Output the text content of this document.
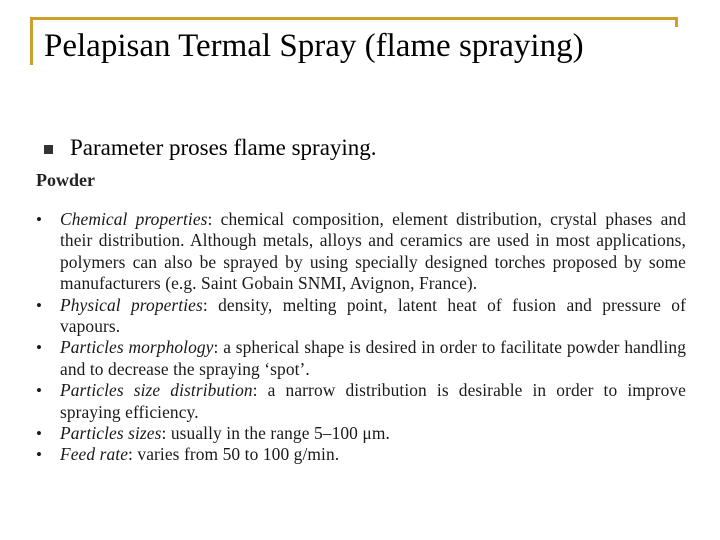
Pelapisan Termal Spray (flame spraying)
Parameter proses flame spraying.
Powder
• Chemical properties: chemical composition, element distribution, crystal phases and their distribution. Although metals, alloys and ceramics are used in most applications, polymers can also be sprayed by using specially designed torches proposed by some manufacturers (e.g. Saint Gobain SNMI, Avignon, France).
• Physical properties: density, melting point, latent heat of fusion and pressure of vapours.
• Particles morphology: a spherical shape is desired in order to facilitate powder handling and to decrease the spraying ‘spot’.
• Particles size distribution: a narrow distribution is desirable in order to improve spraying efficiency.
• Particles sizes: usually in the range 5–100 μm.
• Feed rate: varies from 50 to 100 g/min.
